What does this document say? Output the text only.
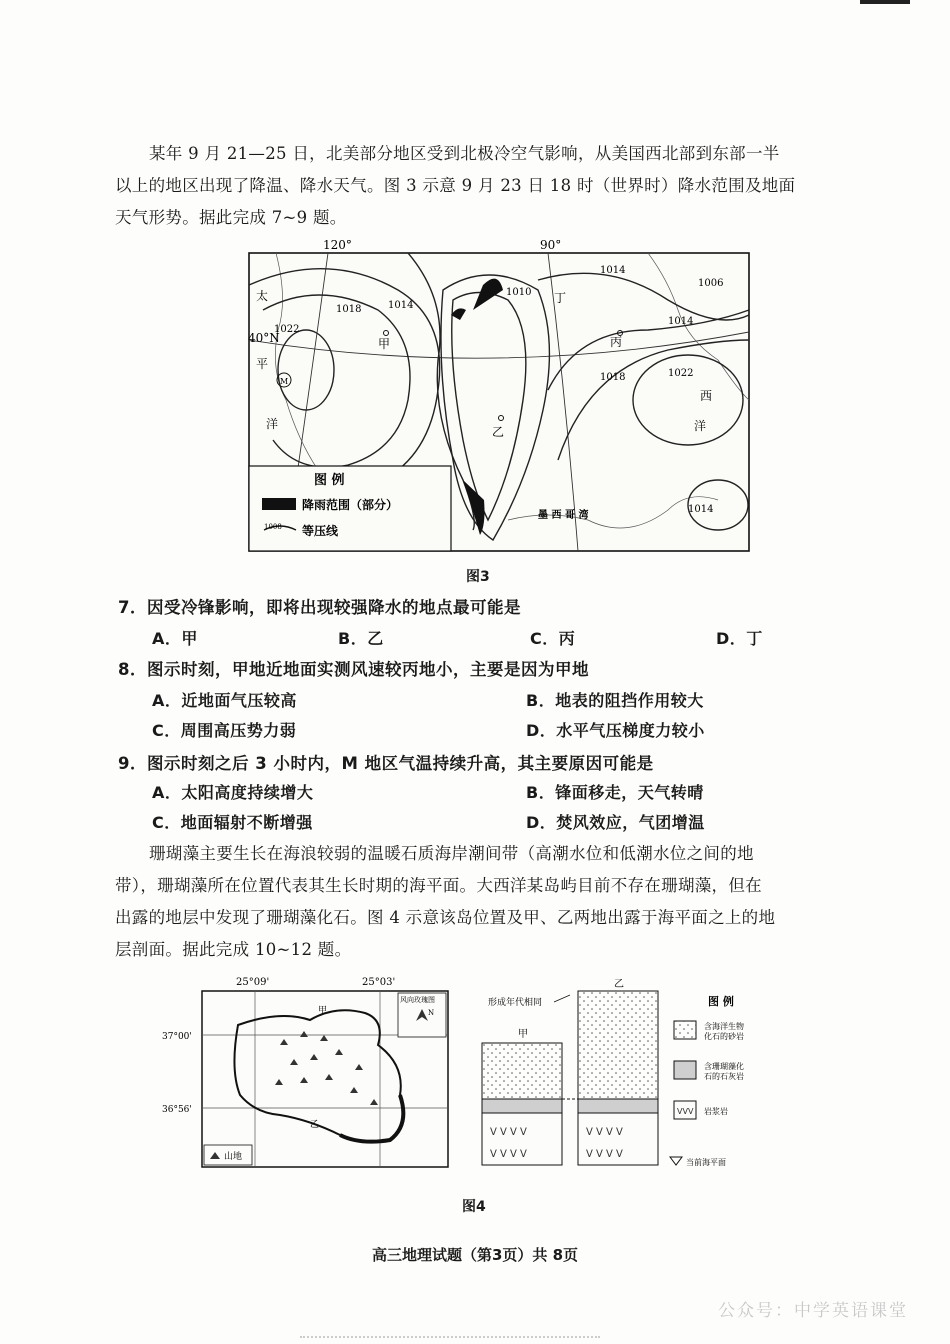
某年 9 月 21—25 日，北美部分地区受到北极冷空气影响，从美国西北部到东部一半
以上的地区出现了降温、降水天气。图 3 示意 9 月 23 日 18 时（世界时）降水范围及地面
天气形势。据此完成 7~9 题。
120°	90°
40°N
太
平
洋
西
洋
1022
1018	1014
1010
1014
1006
1014
1018	1022
1014
甲
乙
丙
丁
M
墨 西 哥 湾
图 例
降雨范围（部分）
1008 等压线
图3
7．因受冷锋影响，即将出现较强降水的地点最可能是
A．甲	B．乙	C．丙	D．丁
8．图示时刻，甲地近地面实测风速较丙地小，主要是因为甲地
A．近地面气压较高	B．地表的阻挡作用较大
C．周围高压势力弱	D．水平气压梯度力较小
9．图示时刻之后 3 小时内，M 地区气温持续升高，其主要原因可能是
A．太阳高度持续增大	B．锋面移走，天气转晴
C．地面辐射不断增强	D．焚风效应，气团增温
珊瑚藻主要生长在海浪较弱的温暖石质海岸潮间带（高潮水位和低潮水位之间的地
带），珊瑚藻所在位置代表其生长时期的海平面。大西洋某岛屿目前不存在珊瑚藻，但在
出露的地层中发现了珊瑚藻化石。图 4 示意该岛位置及甲、乙两地出露于海平面之上的地
层剖面。据此完成 10~12 题。
25°09'	25°03'
37°00'
36°56'
甲
乙
风向玫瑰图
N
山地
形成年代相同
甲
乙
ᐯ ᐯ ᐯ ᐯ
ᐯ ᐯ ᐯ ᐯ
ᐯ ᐯ ᐯ ᐯ
ᐯ ᐯ ᐯ ᐯ
图 例
含海洋生物
化石的砂岩
含珊瑚藻化
石的石灰岩
ᐯᐯᐯ 岩浆岩
当前海平面
图4
高三地理试题（第3页）共 8页
公众号：中学英语课堂
